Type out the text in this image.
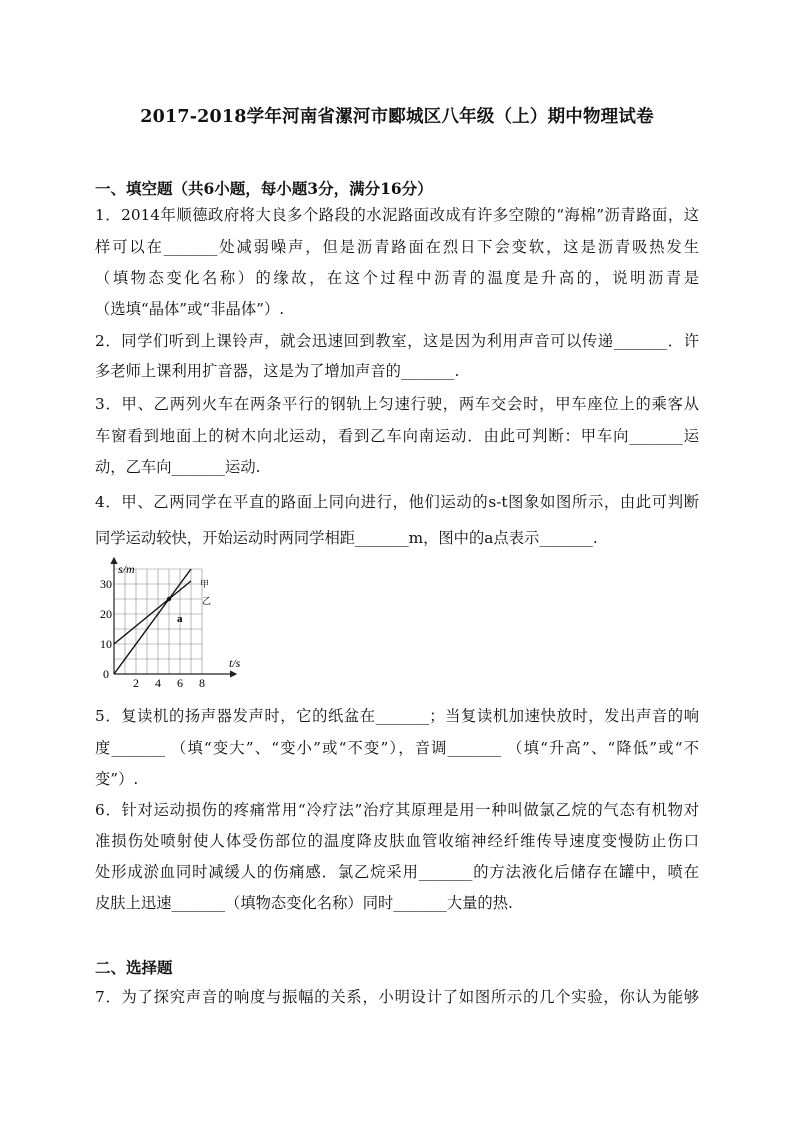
2017-2018学年河南省漯河市郾城区八年级（上）期中物理试卷
一、填空题（共6小题，每小题3分，满分16分）
1．2014年顺德政府将大良多个路段的水泥路面改成有许多空隙的“海棉”沥青路面，这
样可以在_______处减弱噪声，但是沥青路面在烈日下会变软，这是沥青吸热发生
（填物态变化名称）的缘故，在这个过程中沥青的温度是升高的，说明沥青是
（选填“晶体”或“非晶体”）.
2．同学们听到上课铃声，就会迅速回到教室，这是因为利用声音可以传递_______．许
多老师上课利用扩音器，这是为了增加声音的_______.
3．甲、乙两列火车在两条平行的钢轨上匀速行驶，两车交会时，甲车座位上的乘客从
车窗看到地面上的树木向北运动，看到乙车向南运动．由此可判断：甲车向_______运
动，乙车向_______运动.
4．甲、乙两同学在平直的路面上同向进行，他们运动的s-t图象如图所示，由此可判断
同学运动较快，开始运动时两同学相距_______m，图中的a点表示_______.
s/m
t/s
30
20
10
0
2 4 6 8
甲
乙
a
5．复读机的扬声器发声时，它的纸盆在_______；当复读机加速快放时，发出声音的响
度_______ （填“变大”、“变小”或“不变”），音调_______ （填“升高”、“降低”或“不
变”）.
6．针对运动损伤的疼痛常用“冷疗法”治疗其原理是用一种叫做氯乙烷的气态有机物对
准损伤处喷射使人体受伤部位的温度降皮肤血管收缩神经纤维传导速度变慢防止伤口
处形成淤血同时减缓人的伤痛感．氯乙烷采用_______的方法液化后储存在罐中，喷在
皮肤上迅速_______（填物态变化名称）同时_______大量的热.
二、选择题
7．为了探究声音的响度与振幅的关系，小明设计了如图所示的几个实验，你认为能够
